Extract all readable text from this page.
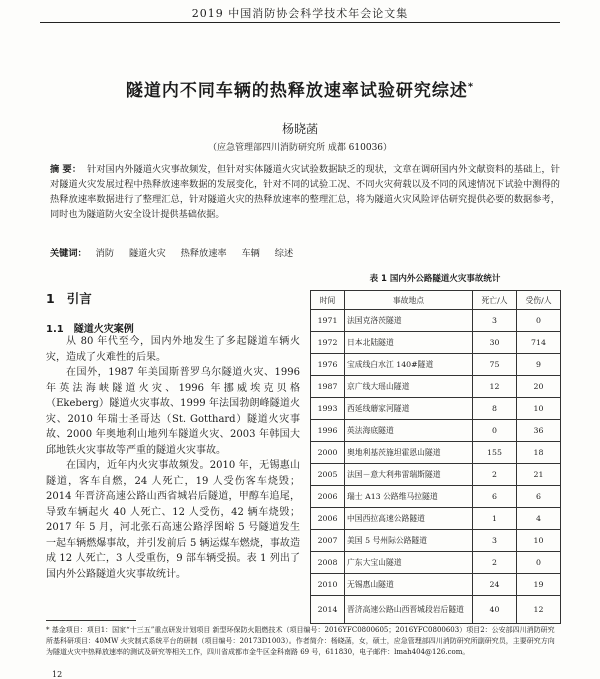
2019 中国消防协会科学技术年会论文集
隧道内不同车辆的热释放速率试验研究综述*
杨晓菡
（应急管理部四川消防研究所 成都 610036）

摘 要： 针对国内外隧道火灾事故频发，但针对实体隧道火灾试验数据缺乏的现状，文章在调研国内外文献资料的基础上，针对隧道火灾发展过程中热释放速率数据的发展变化，针对不同的试验工况、不同火灾荷载以及不同的风速情况下试验中测得的热释放速率数据进行了整理汇总，针对隧道火灾的热释放速率的整理汇总，将为隧道火灾风险评估研究提供必要的数据参考，同时也为隧道防火安全设计提供基础依据。

关键词： 消防 隧道火灾 热释放速率 车辆 综述

1 引言
1.1 隧道火灾案例

从 80 年代至今，国内外地发生了多起隧道车辆火灾，造成了火难性的后果。

在国外，1987 年美国斯普罗乌尔隧道火灾、1996 年英法海峡隧道火灾、1996 年挪威埃克贝格（Ekeberg）隧道火灾事故、1999 年法国勃朗峰隧道火灾、2010 年瑞士圣哥达（St. Gotthard）隧道火灾事故、2000 年奥地利山地列车隧道火灾、2003 年韩国大邱地铁火灾事故等严重的隧道火灾事故。

在国内，近年内火灾事故频发。2010 年，无锡惠山隧道，客车自燃，24 人死亡，19 人受伤客车烧毁；2014 年晋济高速公路山西省城岩后隧道，甲醇车追尾，导致车辆起火 40 人死亡、12 人受伤，42 辆车烧毁；2017 年 5 月，河北张石高速公路浮图峪 5 号隧道发生一起车辆燃爆事故，并引发前后 5 辆运煤车燃烧，事故造成 12 人死亡，3 人受重伤，9 部车辆受损。表 1 列出了国内外公路隧道火灾事故统计。

表 1 国内外公路隧道火灾事故统计
时间	事故地点	死亡/人	受伤/人
1971	法国克洛茨隧道	3	0
1972	日本北陆隧道	30	714
1976	宝成线白水江 140#隧道	75	9
1987	京广线大瑶山隧道	12	20
1993	西延线蘑家河隧道	8	10
1996	英法海底隧道	0	36
2000	奥地利基茨施坦霍恩山隧道	155	18
2005	法国－意大利弗雷瑞斯隧道	2	21
2006	瑞士 A13 公路维马拉隧道	6	6
2006	中国西拉高速公路隧道	1	4
2007	美国 5 号州际公路隧道	3	10
2008	广东大宝山隧道	2	0
2010	无锡惠山隧道	24	19
2014	晋济高速公路山西晋城段岩后隧道	40	12

* 基金项目：项目1：国家“十三五”重点研发计划项目 新型环保防火阻燃技术（项目编号：2016YFC0800605；2016YFC0800603）项目2：公安部四川消防研究所基科研项目：40MW 火灾制式系统平台的研制（项目编号：20173D1003）。作者简介：杨晓菡，女，硕士，应急管理部四川消防研究所副研究员，主要研究方向为隧道火灾中热释放速率的测试及研究等相关工作，四川省成都市金牛区金科南路 69 号，611830，电子邮件：lmah404@126.com。

12
